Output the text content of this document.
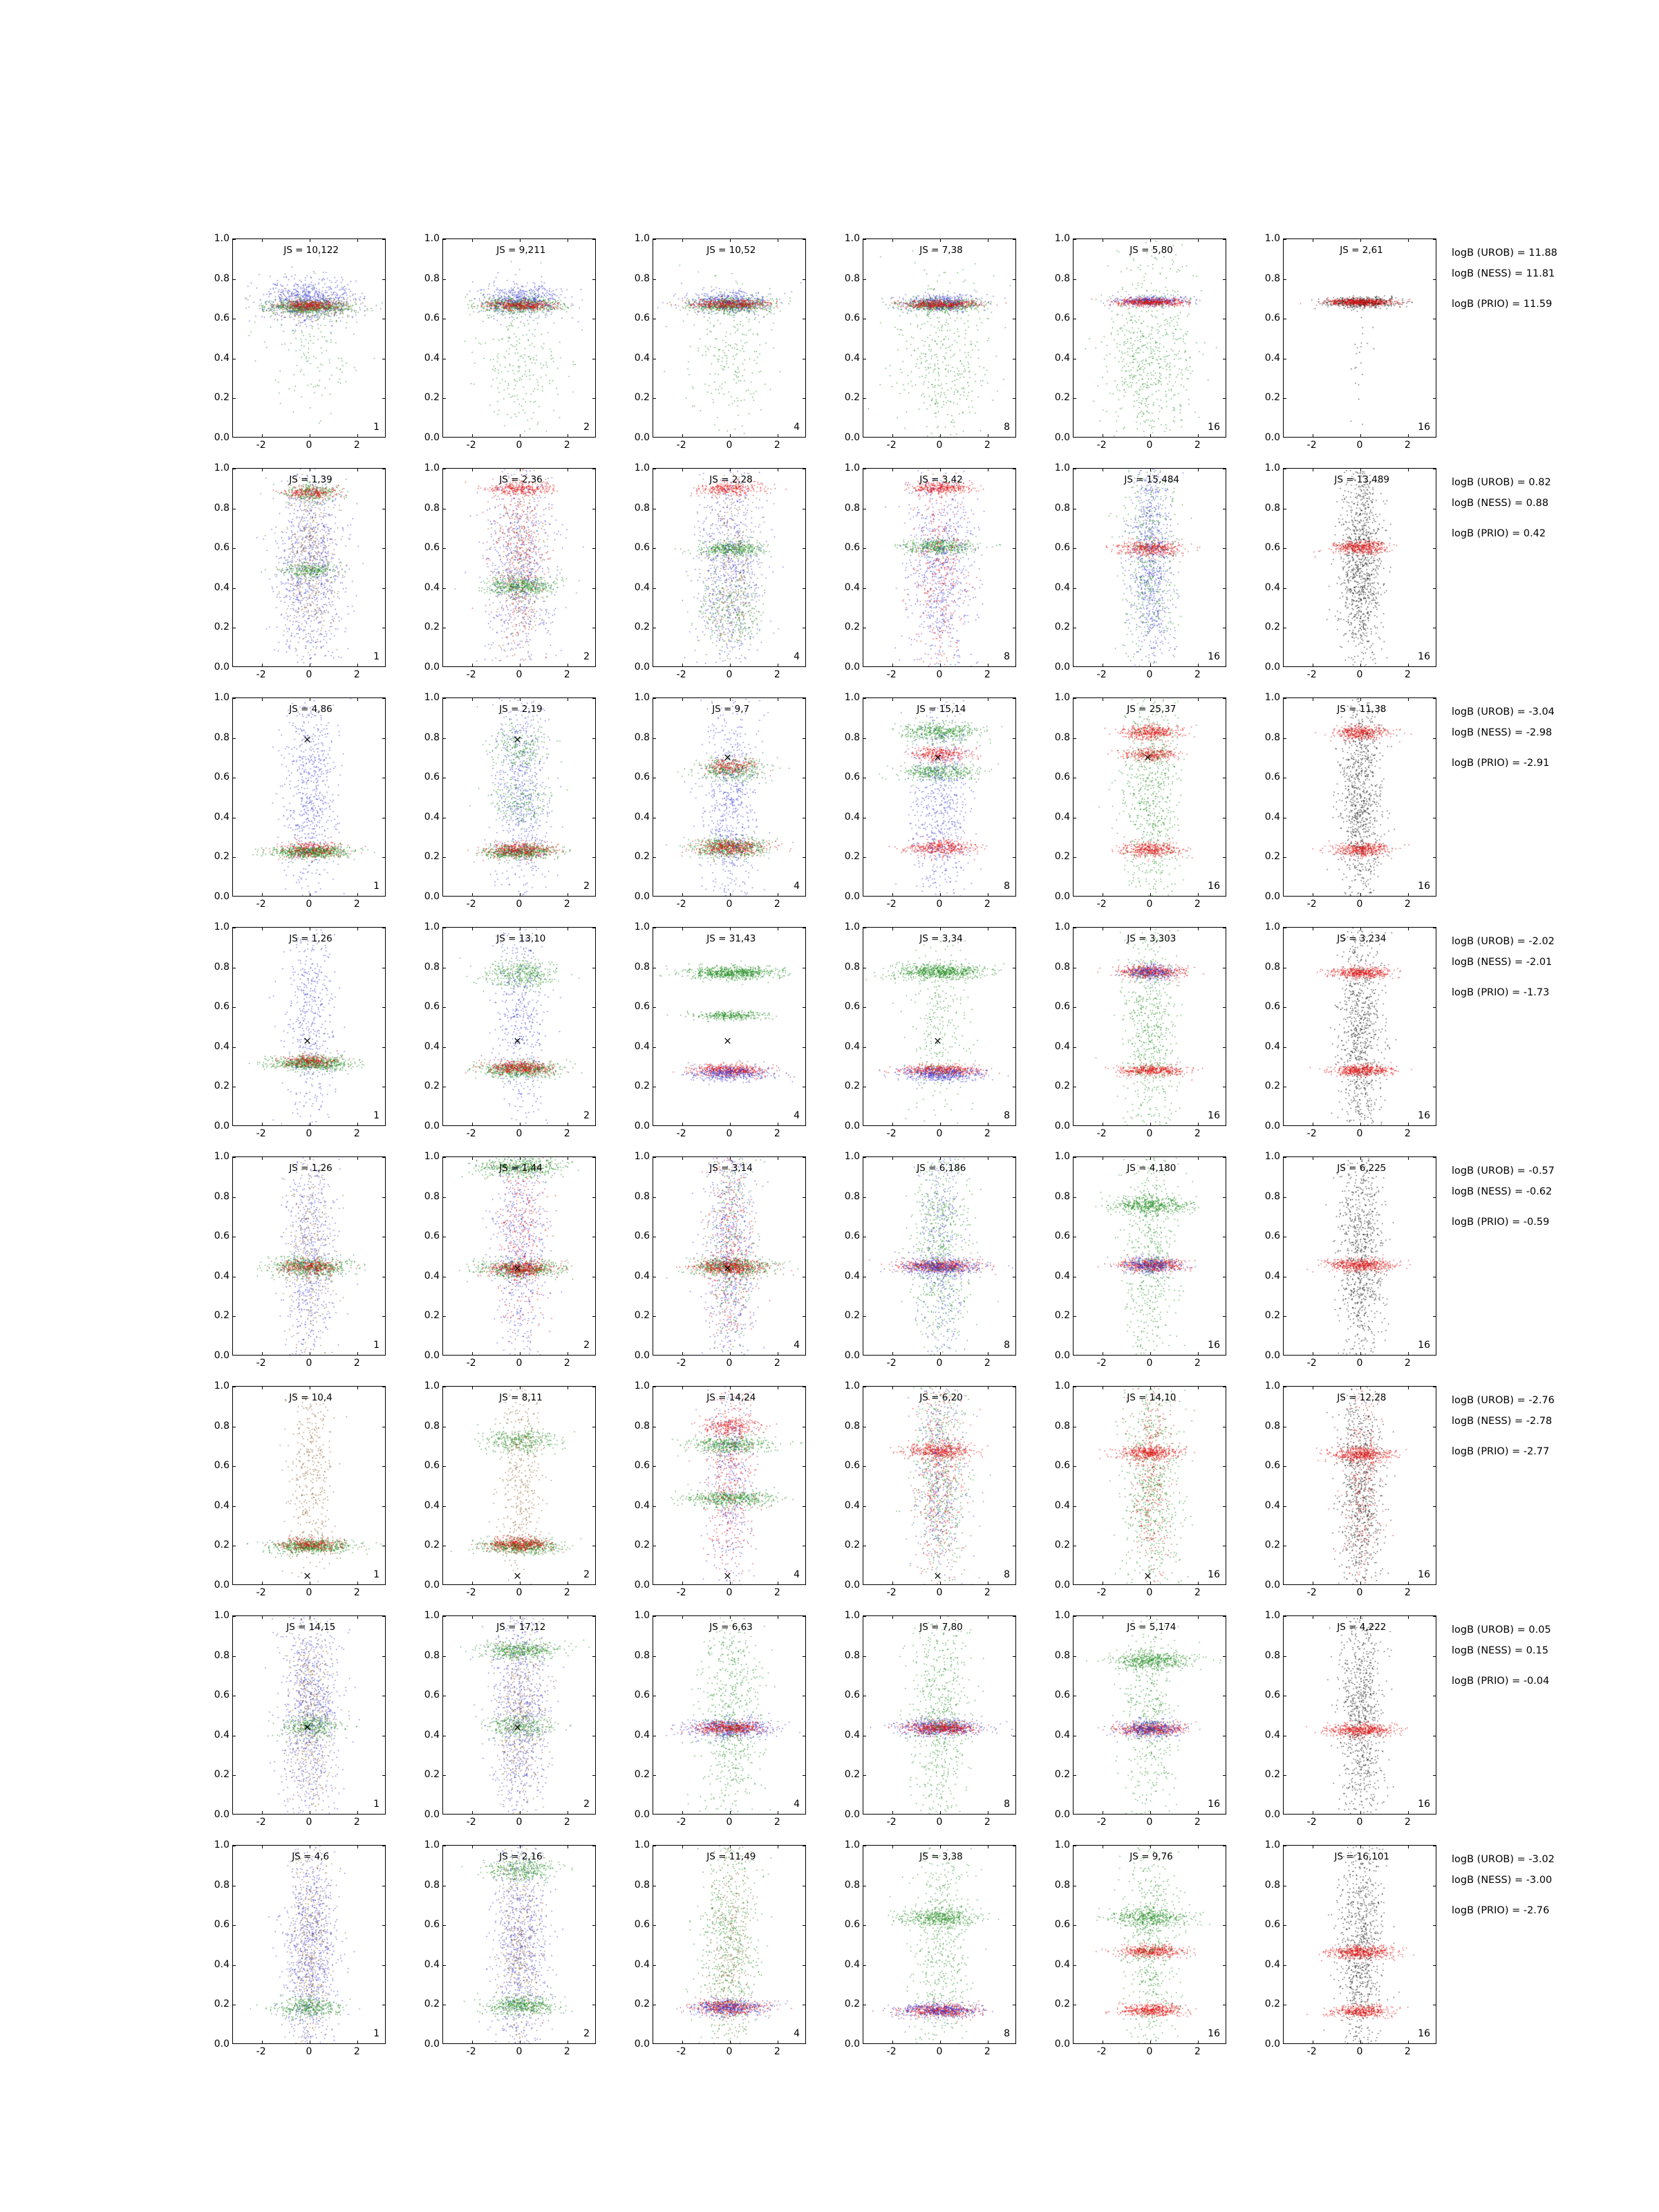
0.0
0.2
0.4
0.6
0.8
1.0
JS = 10,122
1
-2	0	2
0.0
0.2
0.4
0.6
0.8
1.0
JS = 9,211
2
-2	0	2
0.0
0.2
0.4
0.6
0.8
1.0
JS = 10,52
4
-2	0	2
0.0
0.2
0.4
0.6
0.8
1.0
JS = 7,38
8
-2	0	2
0.0
0.2
0.4
0.6
0.8
1.0
JS = 5,80
16
-2	0	2
0.0
0.2
0.4
0.6
0.8
1.0
JS = 2,61
16
-2	0	2
logB (UROB) = 11.88
logB (NESS) = 11.81
logB (PRIO) = 11.59
0.0
0.2
0.4
0.6
0.8
1.0
JS = 1,39
1
-2	0	2
0.0
0.2
0.4
0.6
0.8
1.0
JS = 2,36
2
-2	0	2
0.0
0.2
0.4
0.6
0.8
1.0
JS = 2,28
4
-2	0	2
0.0
0.2
0.4
0.6
0.8
1.0
JS = 3,42
8
-2	0	2
0.0
0.2
0.4
0.6
0.8
1.0
JS = 15,484
16
-2	0	2
0.0
0.2
0.4
0.6
0.8
1.0
JS = 13,489
16
-2	0	2
logB (UROB) = 0.82
logB (NESS) = 0.88
logB (PRIO) = 0.42
0.0
0.2
0.4
0.6
0.8
1.0
×
JS = 4,86
1
-2	0	2
0.0
0.2
0.4
0.6
0.8
1.0
×
JS = 2,19
2
-2	0	2
0.0
0.2
0.4
0.6
0.8
1.0
×
JS = 9,7
4
-2	0	2
0.0
0.2
0.4
0.6
0.8
1.0
×
JS = 15,14
8
-2	0	2
0.0
0.2
0.4
0.6
0.8
1.0
×
JS = 25,37
16
-2	0	2
0.0
0.2
0.4
0.6
0.8
1.0
JS = 11,38
16
-2	0	2
logB (UROB) = -3.04
logB (NESS) = -2.98
logB (PRIO) = -2.91
0.0
0.2
0.4
0.6
0.8
1.0
×
JS = 1,26
1
-2	0	2
0.0
0.2
0.4
0.6
0.8
1.0
×
JS = 13,10
2
-2	0	2
0.0
0.2
0.4
0.6
0.8
1.0
×
JS = 31,43
4
-2	0	2
0.0
0.2
0.4
0.6
0.8
1.0
×
JS = 3,34
8
-2	0	2
0.0
0.2
0.4
0.6
0.8
1.0
JS = 3,303
16
-2	0	2
0.0
0.2
0.4
0.6
0.8
1.0
JS = 3,234
16
-2	0	2
logB (UROB) = -2.02
logB (NESS) = -2.01
logB (PRIO) = -1.73
0.0
0.2
0.4
0.6
0.8
1.0
JS = 1,26
1
-2	0	2
0.0
0.2
0.4
0.6
0.8
1.0
×
JS = 1,44
2
-2	0	2
0.0
0.2
0.4
0.6
0.8
1.0
×
JS = 3,14
4
-2	0	2
0.0
0.2
0.4
0.6
0.8
1.0
JS = 6,186
8
-2	0	2
0.0
0.2
0.4
0.6
0.8
1.0
JS = 4,180
16
-2	0	2
0.0
0.2
0.4
0.6
0.8
1.0
JS = 6,225
16
-2	0	2
logB (UROB) = -0.57
logB (NESS) = -0.62
logB (PRIO) = -0.59
0.0
0.2
0.4
0.6
0.8
1.0
×
JS = 10,4
1
-2	0	2
0.0
0.2
0.4
0.6
0.8
1.0
×
JS = 8,11
2
-2	0	2
0.0
0.2
0.4
0.6
0.8
1.0
×
JS = 14,24
4
-2	0	2
0.0
0.2
0.4
0.6
0.8
1.0
×
JS = 6,20
8
-2	0	2
0.0
0.2
0.4
0.6
0.8
1.0
×
JS = 14,10
16
-2	0	2
0.0
0.2
0.4
0.6
0.8
1.0
JS = 12,28
16
-2	0	2
logB (UROB) = -2.76
logB (NESS) = -2.78
logB (PRIO) = -2.77
0.0
0.2
0.4
0.6
0.8
1.0
×
JS = 14,15
1
-2	0	2
0.0
0.2
0.4
0.6
0.8
1.0
×
JS = 17,12
2
-2	0	2
0.0
0.2
0.4
0.6
0.8
1.0
JS = 6,63
4
-2	0	2
0.0
0.2
0.4
0.6
0.8
1.0
JS = 7,80
8
-2	0	2
0.0
0.2
0.4
0.6
0.8
1.0
JS = 5,174
16
-2	0	2
0.0
0.2
0.4
0.6
0.8
1.0
JS = 4,222
16
-2	0	2
logB (UROB) = 0.05
logB (NESS) = 0.15
logB (PRIO) = -0.04
0.0
0.2
0.4
0.6
0.8
1.0
JS = 4,6
1
-2	0	2
0.0
0.2
0.4
0.6
0.8
1.0
JS = 2,16
2
-2	0	2
0.0
0.2
0.4
0.6
0.8
1.0
JS = 11,49
4
-2	0	2
0.0
0.2
0.4
0.6
0.8
1.0
JS = 3,38
8
-2	0	2
0.0
0.2
0.4
0.6
0.8
1.0
JS = 9,76
16
-2	0	2
0.0
0.2
0.4
0.6
0.8
1.0
JS = 16,101
16
-2	0	2
logB (UROB) = -3.02
logB (NESS) = -3.00
logB (PRIO) = -2.76
